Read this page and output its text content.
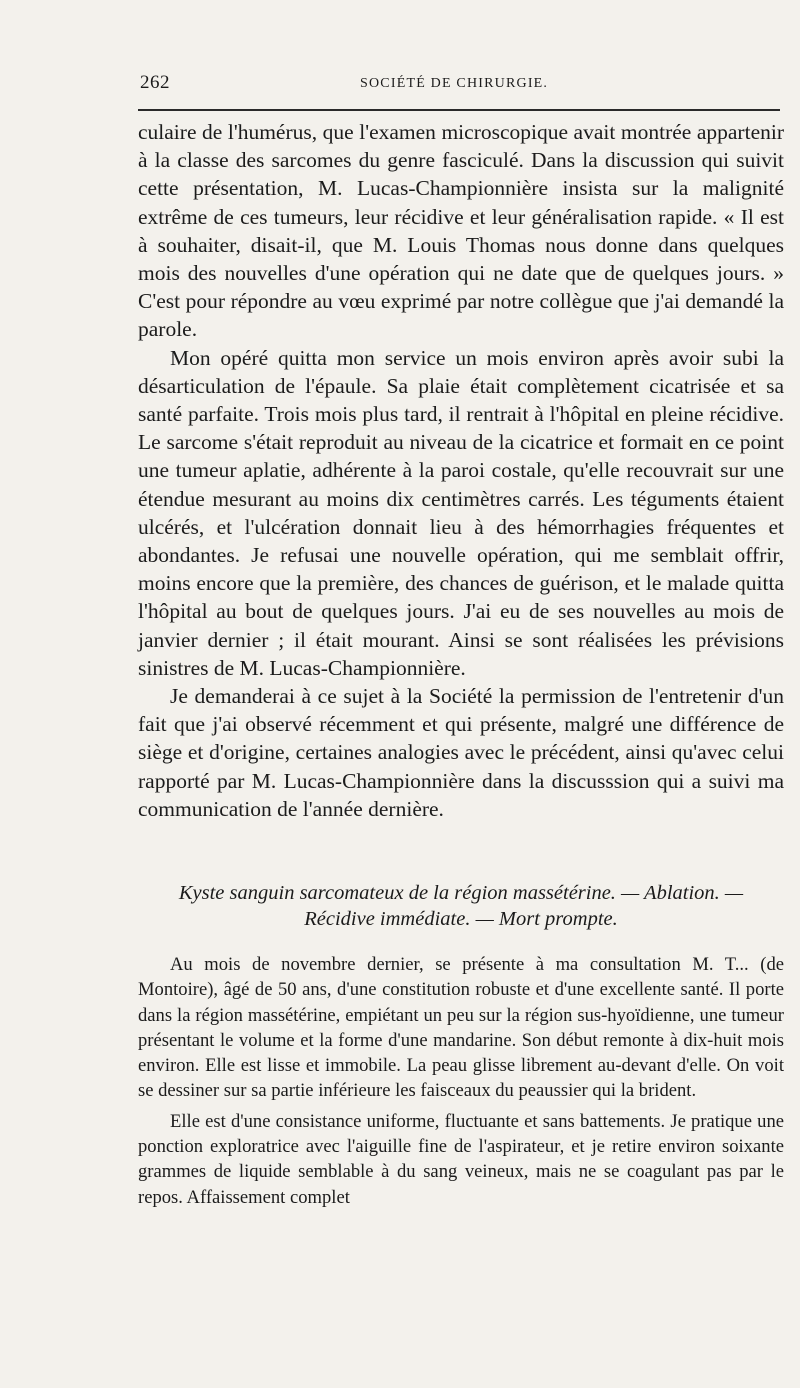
262	SOCIÉTÉ DE CHIRURGIE.

culaire de l'humérus, que l'examen microscopique avait montrée appartenir à la classe des sarcomes du genre fasciculé. Dans la discussion qui suivit cette présentation, M. Lucas-Championnière insista sur la malignité extrême de ces tumeurs, leur récidive et leur généralisation rapide. « Il est à souhaiter, disait-il, que M. Louis Thomas nous donne dans quelques mois des nouvelles d'une opération qui ne date que de quelques jours. » C'est pour répondre au vœu exprimé par notre collègue que j'ai demandé la parole.

Mon opéré quitta mon service un mois environ après avoir subi la désarticulation de l'épaule. Sa plaie était complètement cicatrisée et sa santé parfaite. Trois mois plus tard, il rentrait à l'hôpital en pleine récidive. Le sarcome s'était reproduit au niveau de la cicatrice et formait en ce point une tumeur aplatie, adhérente à la paroi costale, qu'elle recouvrait sur une étendue mesurant au moins dix centimètres carrés. Les téguments étaient ulcérés, et l'ulcération donnait lieu à des hémorrhagies fréquentes et abondantes. Je refusai une nouvelle opération, qui me semblait offrir, moins encore que la première, des chances de guérison, et le malade quitta l'hôpital au bout de quelques jours. J'ai eu de ses nouvelles au mois de janvier dernier ; il était mourant. Ainsi se sont réalisées les prévisions sinistres de M. Lucas-Championnière.

Je demanderai à ce sujet à la Société la permission de l'entretenir d'un fait que j'ai observé récemment et qui présente, malgré une différence de siège et d'origine, certaines analogies avec le précédent, ainsi qu'avec celui rapporté par M. Lucas-Championnière dans la discusssion qui a suivi ma communication de l'année dernière.

Kyste sanguin sarcomateux de la région massétérine. — Ablation. —
Récidive immédiate. — Mort prompte.

Au mois de novembre dernier, se présente à ma consultation M. T... (de Montoire), âgé de 50 ans, d'une constitution robuste et d'une excellente santé. Il porte dans la région massétérine, empiétant un peu sur la région sus-hyoïdienne, une tumeur présentant le volume et la forme d'une mandarine. Son début remonte à dix-huit mois environ. Elle est lisse et immobile. La peau glisse librement au-devant d'elle. On voit se dessiner sur sa partie inférieure les faisceaux du peaussier qui la brident.

Elle est d'une consistance uniforme, fluctuante et sans battements. Je pratique une ponction exploratrice avec l'aiguille fine de l'aspirateur, et je retire environ soixante grammes de liquide semblable à du sang veineux, mais ne se coagulant pas par le repos. Affaissement complet
